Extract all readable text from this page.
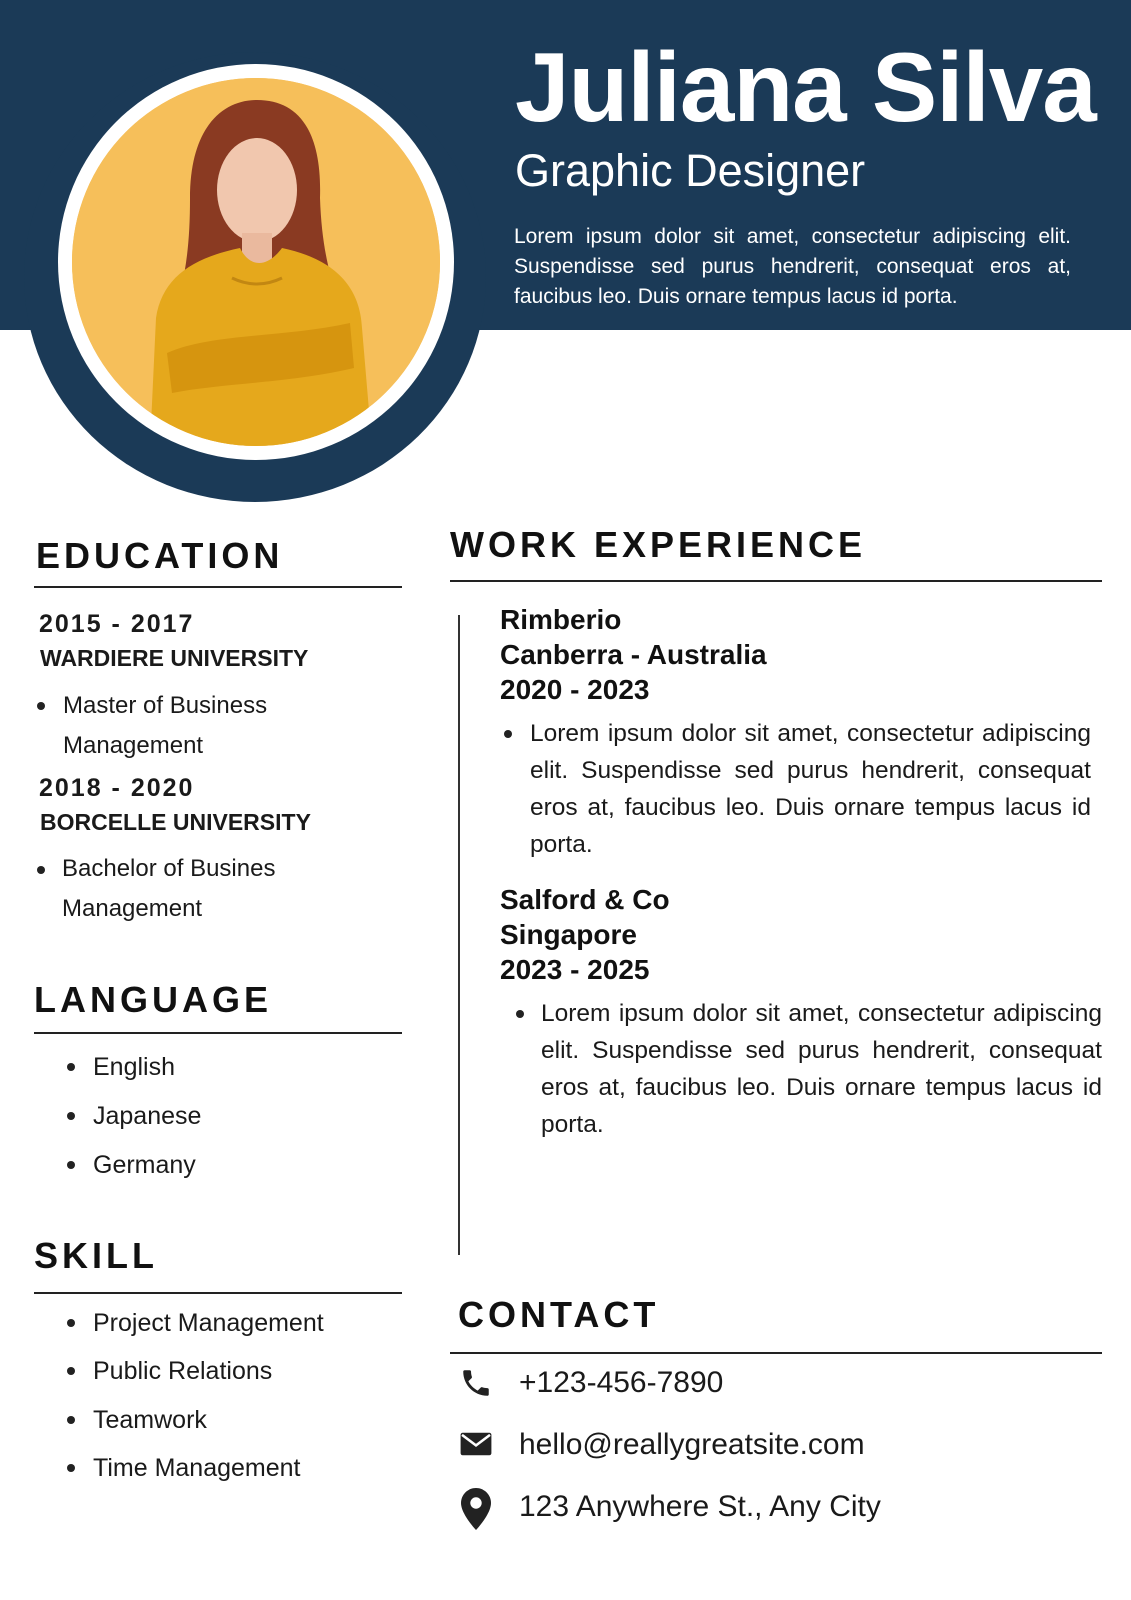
Juliana Silva
Graphic Designer
Lorem ipsum dolor sit amet, consectetur adipiscing elit. Suspendisse sed purus hendrerit, consequat eros at, faucibus leo. Duis ornare tempus lacus id porta.
EDUCATION
2015 - 2017
WARDIERE UNIVERSITY
Master of Business
Management
2018 - 2020
BORCELLE UNIVERSITY
Bachelor of Busines
Management
LANGUAGE
English
Japanese
Germany
SKILL
Project Management
Public Relations
Teamwork
Time Management
WORK EXPERIENCE
Rimberio
Canberra - Australia
2020 - 2023
Lorem ipsum dolor sit amet, consectetur adipiscing elit. Suspendisse sed purus hendrerit, consequat eros at, faucibus leo. Duis ornare tempus lacus id porta.
Salford & Co
Singapore
2023 - 2025
Lorem ipsum dolor sit amet, consectetur adipiscing elit. Suspendisse sed purus hendrerit, consequat eros at, faucibus leo. Duis ornare tempus lacus id porta.
CONTACT
+123-456-7890
hello@reallygreatsite.com
123 Anywhere St., Any City
